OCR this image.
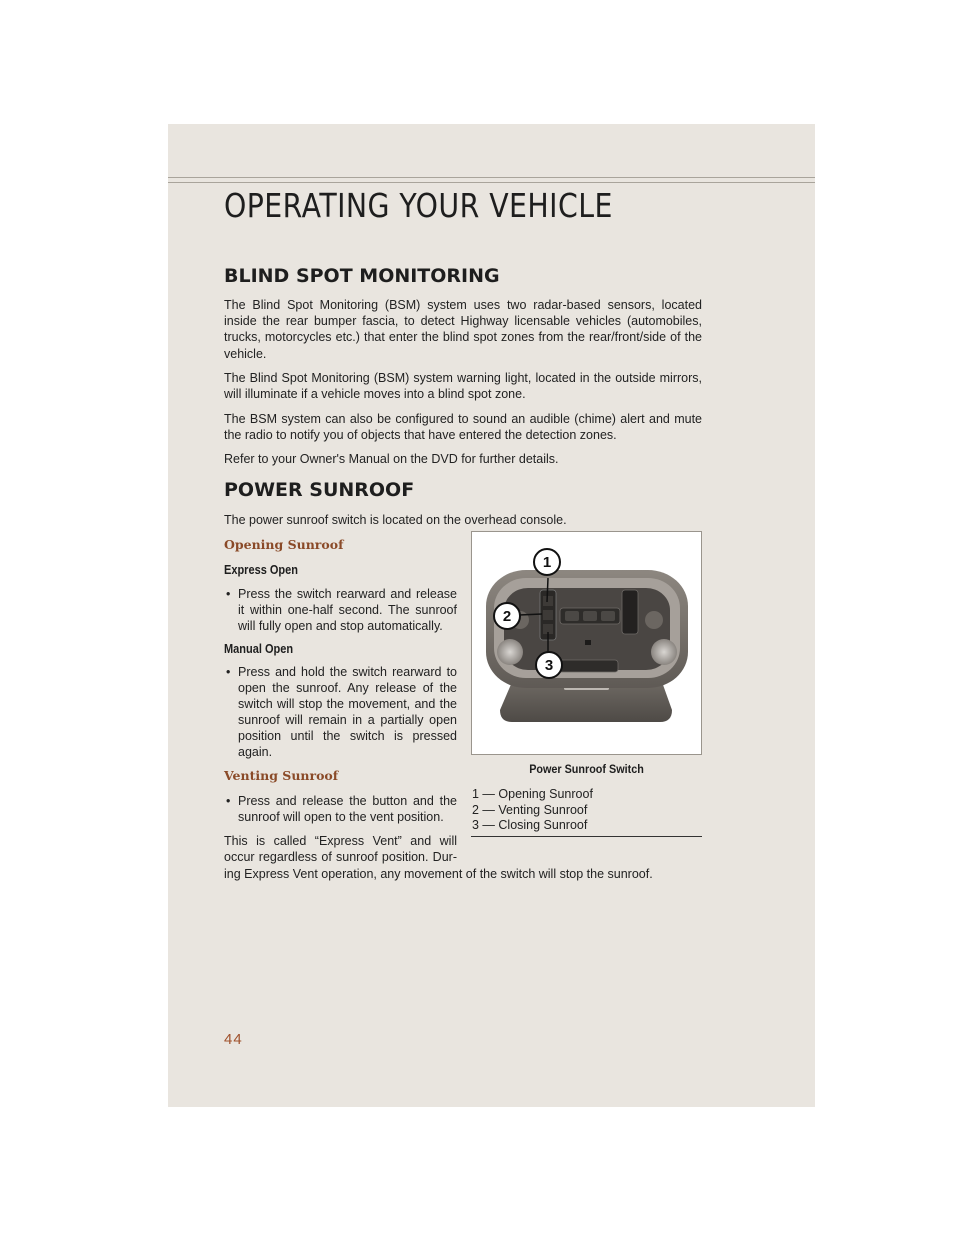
OPERATING YOUR VEHICLE
BLIND SPOT MONITORING

The Blind Spot Monitoring (BSM) system uses two radar-based sensors, located inside the rear bumper fascia, to detect Highway licensable vehicles (automobiles, trucks, motorcycles etc.) that enter the blind spot zones from the rear/front/side of the vehicle.

The Blind Spot Monitoring (BSM) system warning light, located in the outside mirrors, will illuminate if a vehicle moves into a blind spot zone.

The BSM system can also be configured to sound an audible (chime) alert and mute the radio to notify you of objects that have entered the detection zones.

Refer to your Owner's Manual on the DVD for further details.

POWER SUNROOF

The power sunroof switch is located on the overhead console.

Opening Sunroof
Express Open
• Press the switch rearward and release it within one-half second. The sunroof will fully open and stop automatically.
Manual Open
• Press and hold the switch rearward to open the sunroof. Any release of the switch will stop the movement, and the sunroof will remain in a partially open position until the switch is pressed again.
Venting Sunroof
• Press and release the button and the sunroof will open to the vent position.

This is called “Express Vent” and will

occur regardless of sunroof position. Dur-

ing Express Vent operation, any movement of the switch will stop the sunroof.

1
2
3
Power Sunroof Switch
1 — Opening Sunroof
2 — Venting Sunroof
3 — Closing Sunroof
44
